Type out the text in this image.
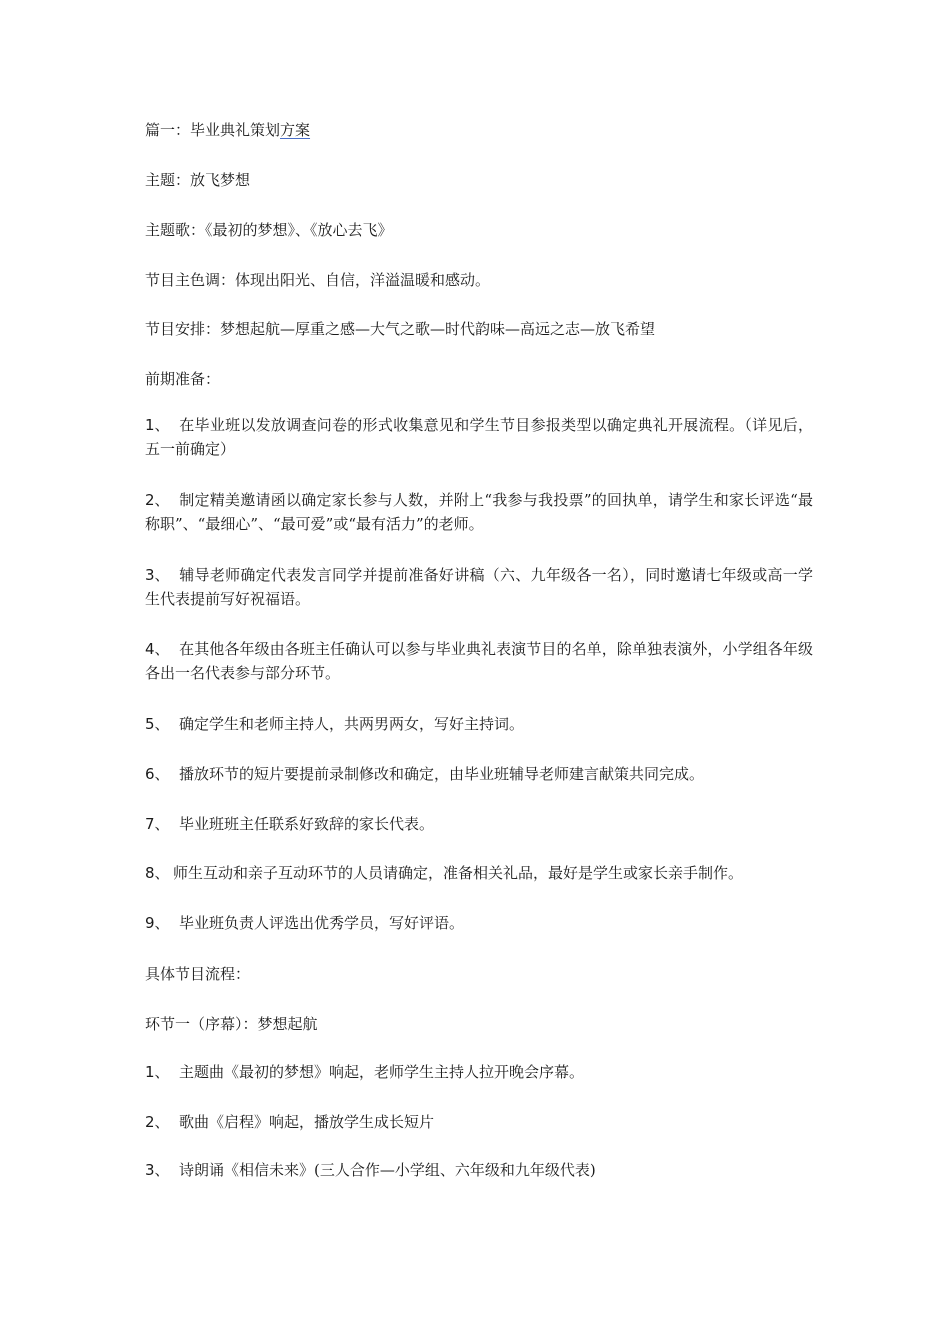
篇一：毕业典礼策划方案

主题：放飞梦想

主题歌：《最初的梦想》、《放心去飞》

节目主色调：体现出阳光、自信，洋溢温暖和感动。

节目安排：梦想起航—厚重之感—大气之歌—时代韵味—高远之志—放飞希望

前期准备：

1、 在毕业班以发放调查问卷的形式收集意见和学生节目参报类型以确定典礼开展流程。（详见后，五一前确定）

2、 制定精美邀请函以确定家长参与人数，并附上“我参与我投票”的回执单，请学生和家长评选“最称职”、“最细心”、“最可爱”或“最有活力”的老师。

3、 辅导老师确定代表发言同学并提前准备好讲稿（六、九年级各一名），同时邀请七年级或高一学生代表提前写好祝福语。

4、 在其他各年级由各班主任确认可以参与毕业典礼表演节目的名单，除单独表演外，小学组各年级各出一名代表参与部分环节。

5、 确定学生和老师主持人，共两男两女，写好主持词。

6、 播放环节的短片要提前录制修改和确定，由毕业班辅导老师建言献策共同完成。

7、 毕业班班主任联系好致辞的家长代表。

8、 师生互动和亲子互动环节的人员请确定，准备相关礼品，最好是学生或家长亲手制作。

9、 毕业班负责人评选出优秀学员，写好评语。

具体节目流程：

环节一（序幕）：梦想起航

1、 主题曲《最初的梦想》响起，老师学生主持人拉开晚会序幕。

2、 歌曲《启程》响起，播放学生成长短片

3、 诗朗诵《相信未来》(三人合作—小学组、六年级和九年级代表)
